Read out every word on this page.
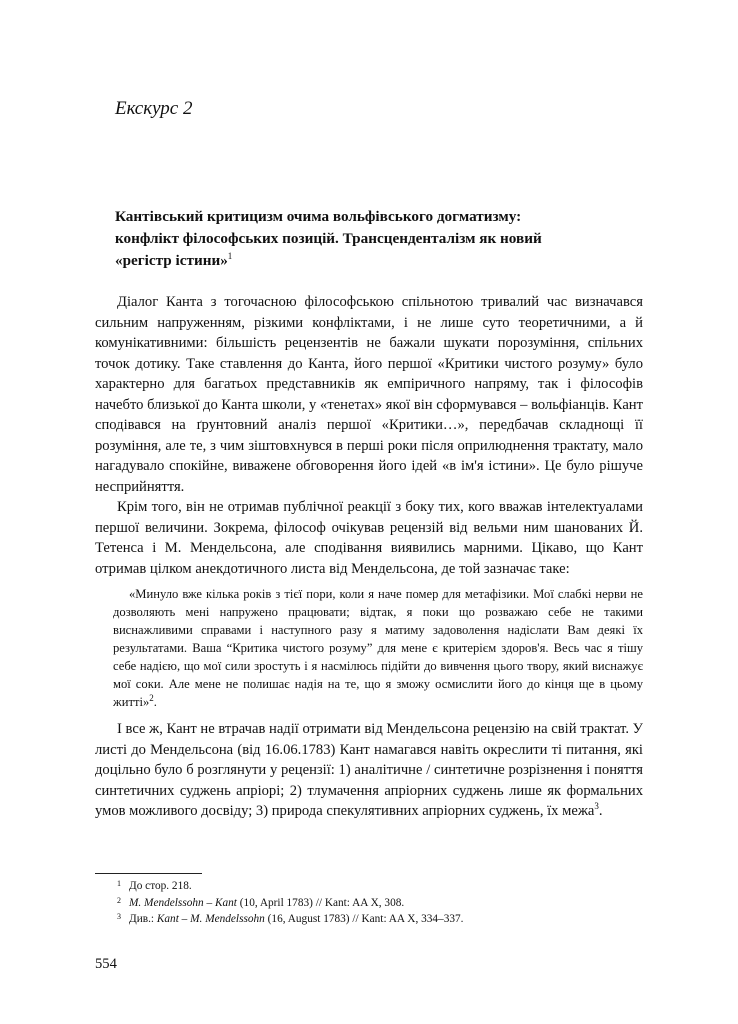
Екскурс 2
Кантівський критицизм очима вольфівського догматизму:
конфлікт філософських позицій. Трансценденталізм як новий
«регістр істини»$^1$

Діалог Канта з тогочасною філософською спільнотою тривалий час визначався сильним напруженням, різкими конфліктами, і не лише суто теоретичними, а й комунікативними: більшість рецензентів не бажали шукати порозуміння, спільних точок дотику. Таке ставлення до Канта, його першої «Критики чистого розуму» було характерно для багатьох представників як емпіричного напряму, так і філософів начебто близької до Канта школи, у «тенетах» якої він сформувався – вольфіанців. Кант сподівався на ґрунтовний аналіз першої «Критики…», передбачав складнощі її розуміння, але те, з чим зіштовхнувся в перші роки після оприлюднення трактату, мало нагадувало спокійне, виважене обговорення його ідей «в ім'я істини». Це було рішуче несприйняття.

Крім того, він не отримав публічної реакції з боку тих, кого вважав інтелектуалами першої величини. Зокрема, філософ очікував рецензій від вельми ним шанованих Й. Тетенса і М. Мендельсона, але сподівання виявились марними. Цікаво, що Кант отримав цілком анекдотичного листа від Мендельсона, де той зазначає таке:

«Минуло вже кілька років з тієї пори, коли я наче помер для метафізики. Мої слабкі нерви не дозволяють мені напружено працювати; відтак, я поки що розважаю себе не такими виснажливими справами і наступного разу я матиму задоволення надіслати Вам деякі їх результатами. Ваша “Критика чистого розуму” для мене є критерієм здоров'я. Весь час я тішу себе надією, що мої сили зростуть і я насмілюсь підійти до вивчення цього твору, який виснажує мої соки. Але мене не полишає надія на те, що я зможу осмислити його до кінця ще в цьому житті»$^2$.

І все ж, Кант не втрачав надії отримати від Мендельсона рецензію на свій трактат. У листі до Мендельсона (від 16.06.1783) Кант намагався навіть окреслити ті питання, які доцільно було б розглянути у рецензії: 1) аналітичне / синтетичне розрізнення і поняття синтетичних суджень апріорі; 2) тлумачення апріорних суджень лише як формальних умов можливого досвіду; 3) природа спекулятивних апріорних суджень, їх межа$^3$.

1 До стор. 218.
2 M. Mendelssohn – Kant (10, April 1783) // Kant: AA X, 308.
3 Див.: Kant – M. Mendelssohn (16, August 1783) // Kant: AA X, 334–337.
554
